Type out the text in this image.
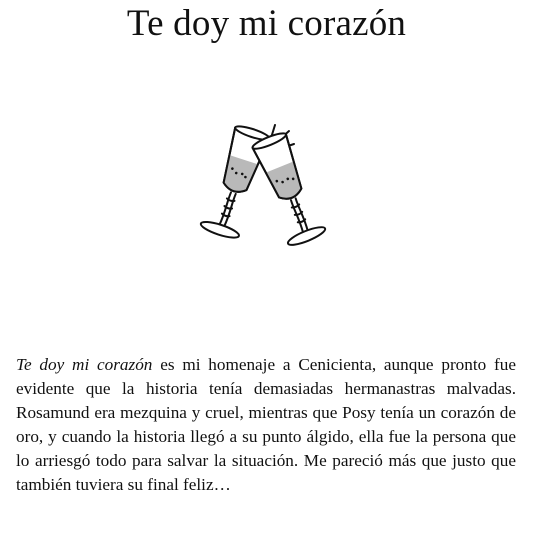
Te doy mi corazón

Te doy mi corazón es mi homenaje a Cenicienta, aunque pronto fue evidente que la historia tenía demasiadas hermanastras malvadas. Rosamund era mezquina y cruel, mientras que Posy tenía un corazón de oro, y cuando la historia llegó a su punto álgido, ella fue la persona que lo arriesgó todo para salvar la situación. Me pareció más que justo que también tuviera su final feliz…
